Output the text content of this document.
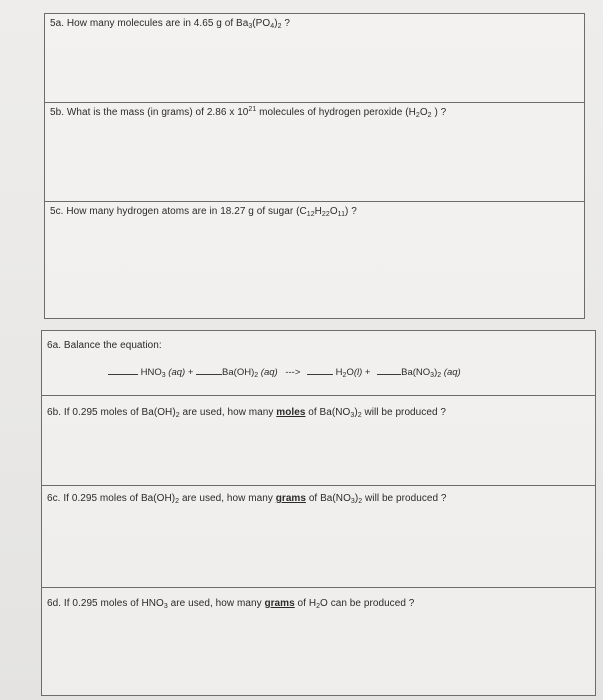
5a. How many molecules are in 4.65 g of $Ba_3(PO_4)_2$ ?
5b. What is the mass (in grams) of 2.86 x $10^{21}$ molecules of hydrogen peroxide ($H_2O_2$ ) ?
5c. How many hydrogen atoms are in 18.27 g of sugar $(C_{12}H_{22}O_{11})$ ?
6a. Balance the equation:
$HNO_3$ (aq) +	$Ba(OH)_2$ (aq) --->	$H_2O(l)$ +	$Ba(NO_3)_2$ (aq)
6b. If 0.295 moles of $Ba(OH)_2$ are used, how many moles of $Ba(NO_3)_2$ will be produced ?
6c. If 0.295 moles of $Ba(OH)_2$ are used, how many grams of $Ba(NO_3)_2$ will be produced ?
6d. If 0.295 moles of $HNO_3$ are used, how many grams of $H_2O$ can be produced ?
